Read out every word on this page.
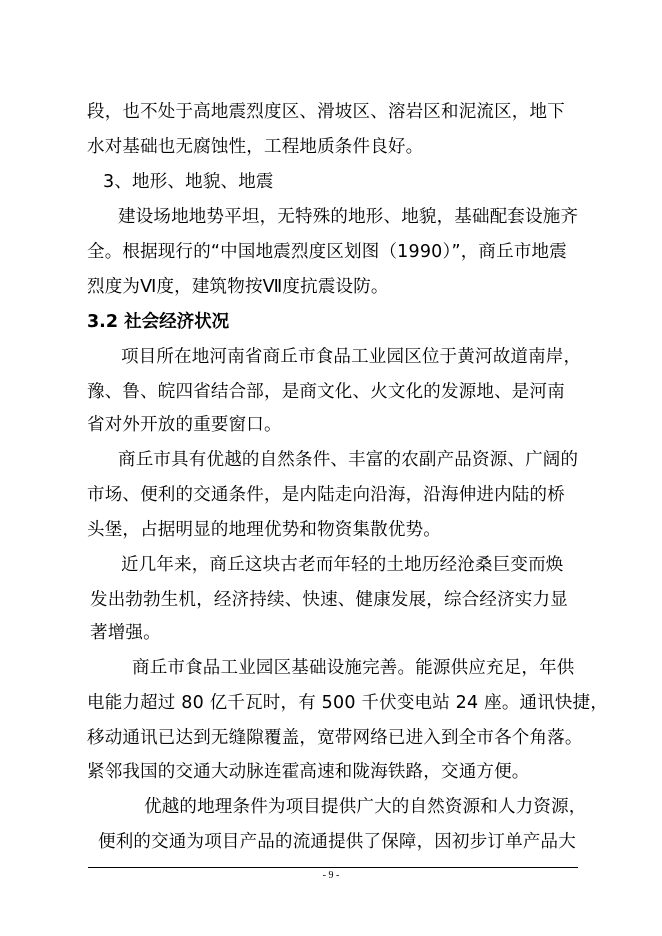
段，也不处于高地震烈度区、滑坡区、溶岩区和泥流区，地下
水对基础也无腐蚀性，工程地质条件良好。
3、地形、地貌、地震
建设场地地势平坦，无特殊的地形、地貌，基础配套设施齐
全。根据现行的“中国地震烈度区划图（1990）”，商丘市地震
烈度为Ⅵ度，建筑物按Ⅶ度抗震设防。
3.2 社会经济状况
项目所在地河南省商丘市食品工业园区位于黄河故道南岸，
豫、鲁、皖四省结合部，是商文化、火文化的发源地、是河南
省对外开放的重要窗口。
商丘市具有优越的自然条件、丰富的农副产品资源、广阔的
市场、便利的交通条件，是内陆走向沿海，沿海伸进内陆的桥
头堡，占据明显的地理优势和物资集散优势。
近几年来，商丘这块古老而年轻的土地历经沧桑巨变而焕
发出勃勃生机，经济持续、快速、健康发展，综合经济实力显
著增强。
商丘市食品工业园区基础设施完善。能源供应充足，年供
电能力超过 80 亿千瓦时，有 500 千伏变电站 24 座。通讯快捷，
移动通讯已达到无缝隙覆盖，宽带网络已进入到全市各个角落。
紧邻我国的交通大动脉连霍高速和陇海铁路，交通方便。
优越的地理条件为项目提供广大的自然资源和人力资源，
便利的交通为项目产品的流通提供了保障，因初步订单产品大
- 9 -
